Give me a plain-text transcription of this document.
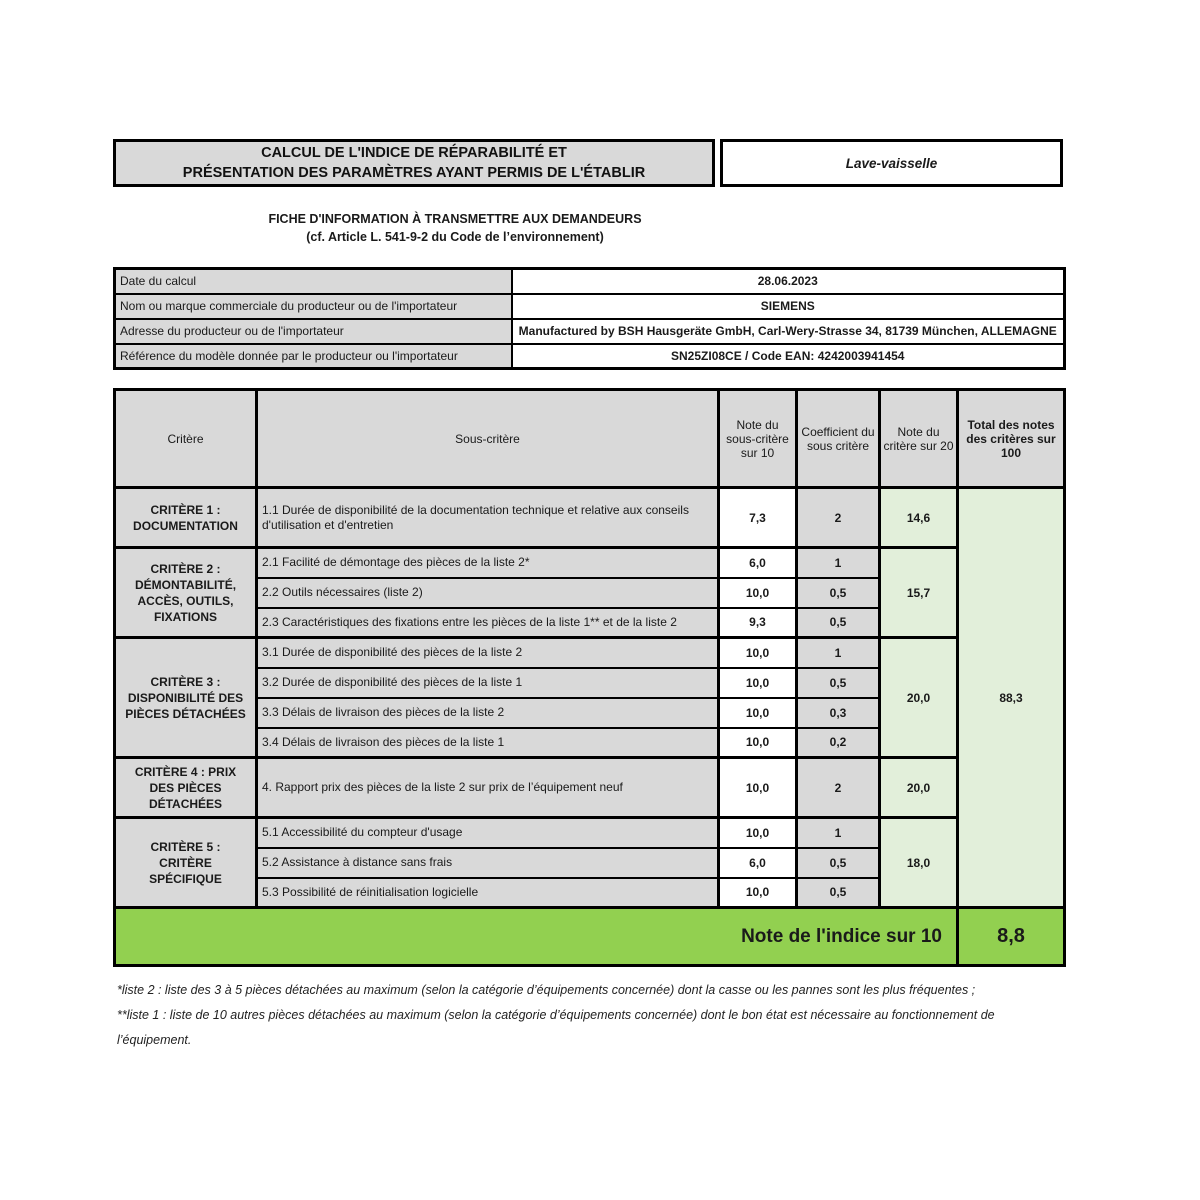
CALCUL DE L'INDICE DE RÉPARABILITÉ ET
PRÉSENTATION DES PARAMÈTRES AYANT PERMIS DE L'ÉTABLIR
Lave-vaisselle
FICHE D'INFORMATION À TRANSMETTRE AUX DEMANDEURS
(cf. Article L. 541-9-2 du Code de l’environnement)
Date du calcul	28.06.2023
Nom ou marque commerciale du producteur ou de l'importateur	SIEMENS
Adresse du producteur ou de l'importateur	Manufactured by BSH Hausgeräte GmbH, Carl-Wery-Strasse 34, 81739 München, ALLEMAGNE
Référence du modèle donnée par le producteur ou l'importateur	SN25ZI08CE / Code EAN: 4242003941454
Critère	Sous-critère	Note du sous-critère sur 10	Coefficient du sous critère	Note du critère sur 20	Total des notes des critères sur 100
CRITÈRE 1 : DOCUMENTATION	1.1 Durée de disponibilité de la documentation technique et relative aux conseils d'utilisation et d'entretien	7,3	2	14,6	88,3
CRITÈRE 2 : DÉMONTABILITÉ, ACCÈS, OUTILS, FIXATIONS	2.1 Facilité de démontage des pièces de la liste 2*	6,0	1	15,7	
	2.2 Outils nécessaires (liste 2)	10,0	0,5		
	2.3 Caractéristiques des fixations entre les pièces de la liste 1** et de la liste 2	9,3	0,5		
CRITÈRE 3 : DISPONIBILITÉ DES PIÈCES DÉTACHÉES	3.1 Durée de disponibilité des pièces de la liste 2	10,0	1	20,0	
	3.2 Durée de disponibilité des pièces de la liste 1	10,0	0,5		
	3.3 Délais de livraison des pièces de la liste 2	10,0	0,3		
	3.4 Délais de livraison des pièces de la liste 1	10,0	0,2		
CRITÈRE 4 : PRIX DES PIÈCES DÉTACHÉES	4. Rapport prix des pièces de la liste 2 sur prix de l’équipement neuf	10,0	2	20,0	
CRITÈRE 5 : CRITÈRE SPÉCIFIQUE	5.1 Accessibilité du compteur d'usage	10,0	1	18,0	
	5.2 Assistance à distance sans frais	6,0	0,5		
	5.3 Possibilité de réinitialisation logicielle	10,0	0,5		
Note de l'indice sur 10					8,8
*liste 2 : liste des 3 à 5 pièces détachées au maximum (selon la catégorie d’équipements concernée) dont la casse ou les pannes sont les plus fréquentes ;
**liste 1 : liste de 10 autres pièces détachées au maximum (selon la catégorie d’équipements concernée) dont le bon état est nécessaire au fonctionnement de
l’équipement.
